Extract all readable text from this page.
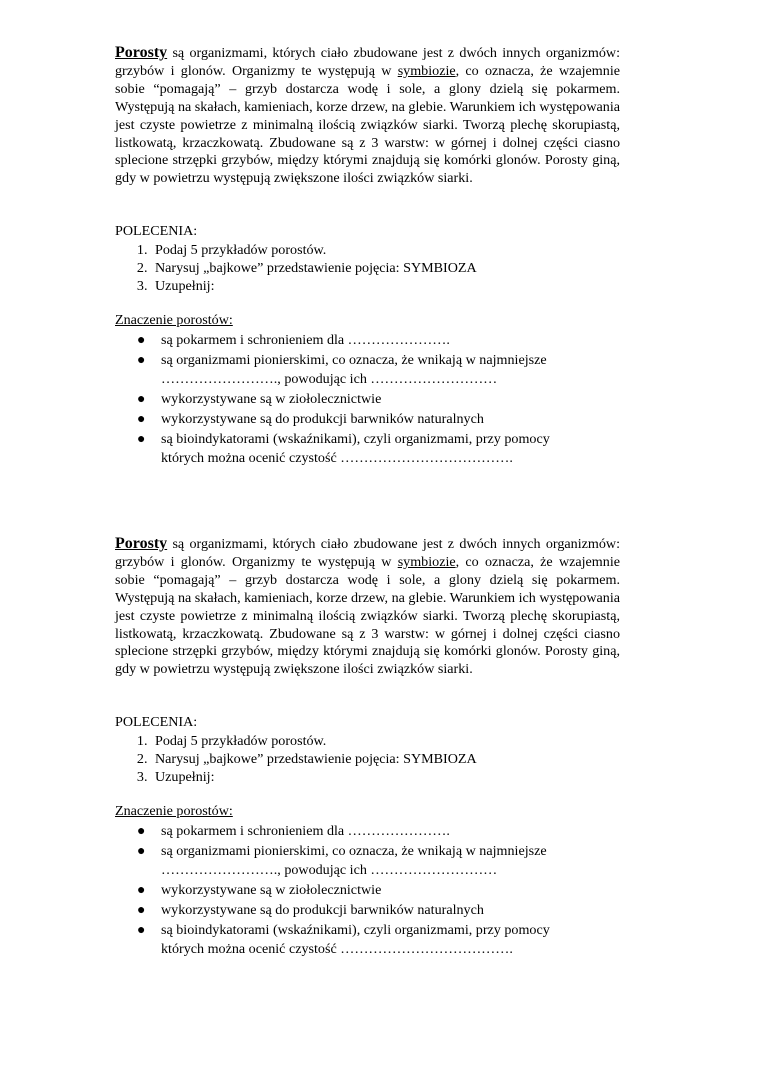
Porosty są organizmami, których ciało zbudowane jest z dwóch innych organizmów: grzybów i glonów. Organizmy te występują w symbiozie, co oznacza, że wzajemnie sobie “pomagają” – grzyb dostarcza wodę i sole, a glony dzielą się pokarmem. Występują na skałach, kamieniach, korze drzew, na glebie. Warunkiem ich występowania jest czyste powietrze z minimalną ilością związków siarki. Tworzą plechę skorupiastą, listkowatą, krzaczkowatą. Zbudowane są z 3 warstw: w górnej i dolnej części ciasno splecione strzępki grzybów, między którymi znajdują się komórki glonów. Porosty giną, gdy w powietrzu występują zwiększone ilości związków siarki.

POLECENIA:

1. Podaj 5 przykładów porostów.
2. Narysuj „bajkowe” przedstawienie pojęcia: SYMBIOZA
3. Uzupełnij:

Znaczenie porostów:

● są pokarmem i schronieniem dla ………………….
● są organizmami pionierskimi, co oznacza, że wnikają w najmniejsze
……………………., powodując ich ………………………
● wykorzystywane są w ziołolecznictwie
● wykorzystywane są do produkcji barwników naturalnych
● są bioindykatorami (wskaźnikami), czyli organizmami, przy pomocy
których można ocenić czystość ……………………………….

Porosty są organizmami, których ciało zbudowane jest z dwóch innych organizmów: grzybów i glonów. Organizmy te występują w symbiozie, co oznacza, że wzajemnie sobie “pomagają” – grzyb dostarcza wodę i sole, a glony dzielą się pokarmem. Występują na skałach, kamieniach, korze drzew, na glebie. Warunkiem ich występowania jest czyste powietrze z minimalną ilością związków siarki. Tworzą plechę skorupiastą, listkowatą, krzaczkowatą. Zbudowane są z 3 warstw: w górnej i dolnej części ciasno splecione strzępki grzybów, między którymi znajdują się komórki glonów. Porosty giną, gdy w powietrzu występują zwiększone ilości związków siarki.

POLECENIA:

1. Podaj 5 przykładów porostów.
2. Narysuj „bajkowe” przedstawienie pojęcia: SYMBIOZA
3. Uzupełnij:

Znaczenie porostów:

● są pokarmem i schronieniem dla ………………….
● są organizmami pionierskimi, co oznacza, że wnikają w najmniejsze
……………………., powodując ich ………………………
● wykorzystywane są w ziołolecznictwie
● wykorzystywane są do produkcji barwników naturalnych
● są bioindykatorami (wskaźnikami), czyli organizmami, przy pomocy
których można ocenić czystość ……………………………….
